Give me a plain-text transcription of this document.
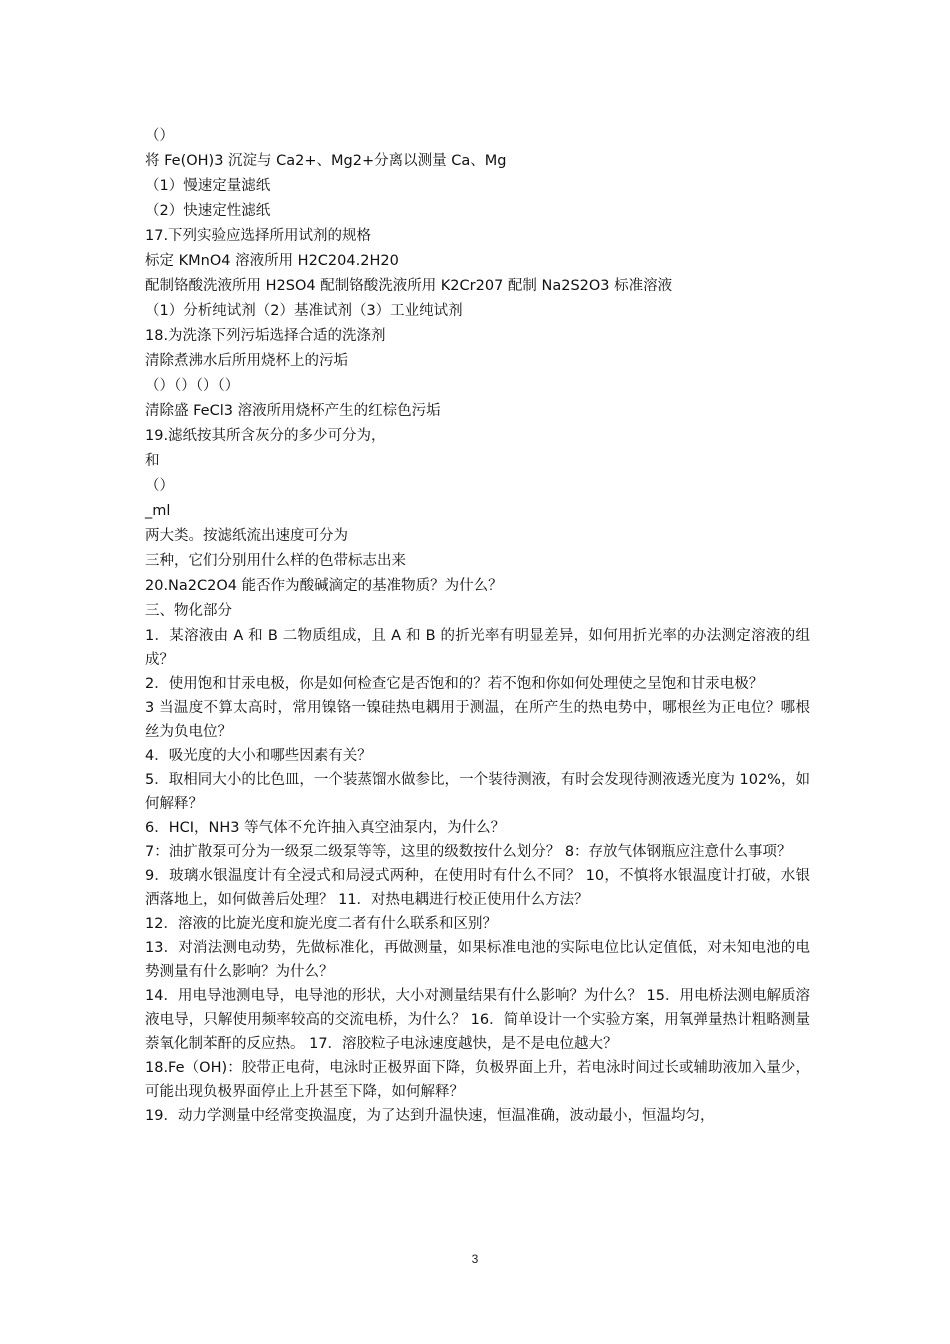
（）
将 Fe(OH)3 沉淀与 Ca2+、Mg2+分离以测量 Ca、Mg
（1）慢速定量滤纸
（2）快速定性滤纸
17.下列实验应选择所用试剂的规格
标定 KMnO4 溶液所用 H2C204.2H20
配制铬酸洗液所用 H2SO4 配制铬酸洗液所用 K2Cr207 配制 Na2S2O3 标准溶液
（1）分析纯试剂（2）基准试剂（3）工业纯试剂
18.为洗涤下列污垢选择合适的洗涤剂
清除煮沸水后所用烧杯上的污垢
（）（）（）（）
清除盛 FeCl3 溶液所用烧杯产生的红棕色污垢
19.滤纸按其所含灰分的多少可分为，
和
（）
_ml
两大类。按滤纸流出速度可分为
三种，它们分别用什么样的色带标志出来
20.Na2C2O4 能否作为酸碱滴定的基准物质？为什么？
三、物化部分

1．某溶液由 A 和 B 二物质组成，且 A 和 B 的折光率有明显差异，如何用折光率的办法测定溶液的组成？

2．使用饱和甘汞电极，你是如何检查它是否饱和的？若不饱和你如何处理使之呈饱和甘汞电极？

3 当温度不算太高时，常用镍铬一镍硅热电耦用于测温，在所产生的热电势中，哪根丝为正电位？哪根丝为负电位？

4．吸光度的大小和哪些因素有关？

5．取相同大小的比色皿，一个装蒸馏水做参比，一个装待测液，有时会发现待测液透光度为 102%，如何解释？

6．HCI，NH3 等气体不允许抽入真空油泵内，为什么？

7：油扩散泵可分为一级泵二级泵等等，这里的级数按什么划分？ 8：存放气体钢瓶应注意什么事项？

9．玻璃水银温度计有全浸式和局浸式两种，在使用时有什么不同？ 10，不慎将水银温度计打破，水银洒落地上，如何做善后处理？ 11．对热电耦进行校正使用什么方法？

12．溶液的比旋光度和旋光度二者有什么联系和区别？

13．对消法测电动势，先做标准化，再做测量，如果标准电池的实际电位比认定值低，对未知电池的电势测量有什么影响？为什么？

14．用电导池测电导，电导池的形状，大小对测量结果有什么影响？为什么？ 15．用电桥法测电解质溶液电导，只解使用频率较高的交流电桥，为什么？ 16．简单设计一个实验方案，用氧弹量热计粗略测量萘氧化制苯酐的反应热。 17．溶胶粒子电泳速度越快，是不是电位越大？

18.Fe（OH)：胶带正电荷，电泳时正极界面下降，负极界面上升，若电泳时间过长或辅助液加入量少，可能出现负极界面停止上升甚至下降，如何解释？

19．动力学测量中经常变换温度，为了达到升温快速，恒温准确，波动最小，恒温均匀，

3
